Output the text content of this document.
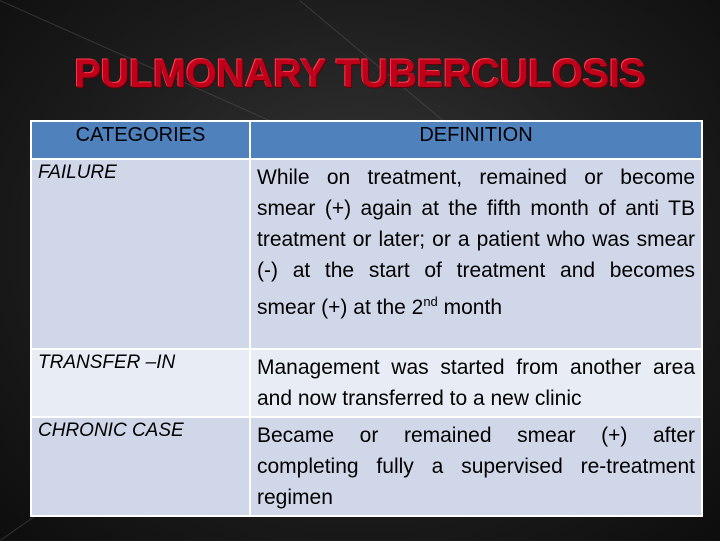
PULMONARY TUBERCULOSIS
CATEGORIES	DEFINITION
FAILURE	While on treatment, remained or become smear (+) again at the fifth month of anti TB treatment or later; or a patient who was smear (-) at the start of treatment and becomes smear (+) at the 2nd month
TRANSFER –IN	Management was started from another area and now transferred to a new clinic
CHRONIC CASE	Became or remained smear (+) after completing fully a supervised re-treatment regimen
